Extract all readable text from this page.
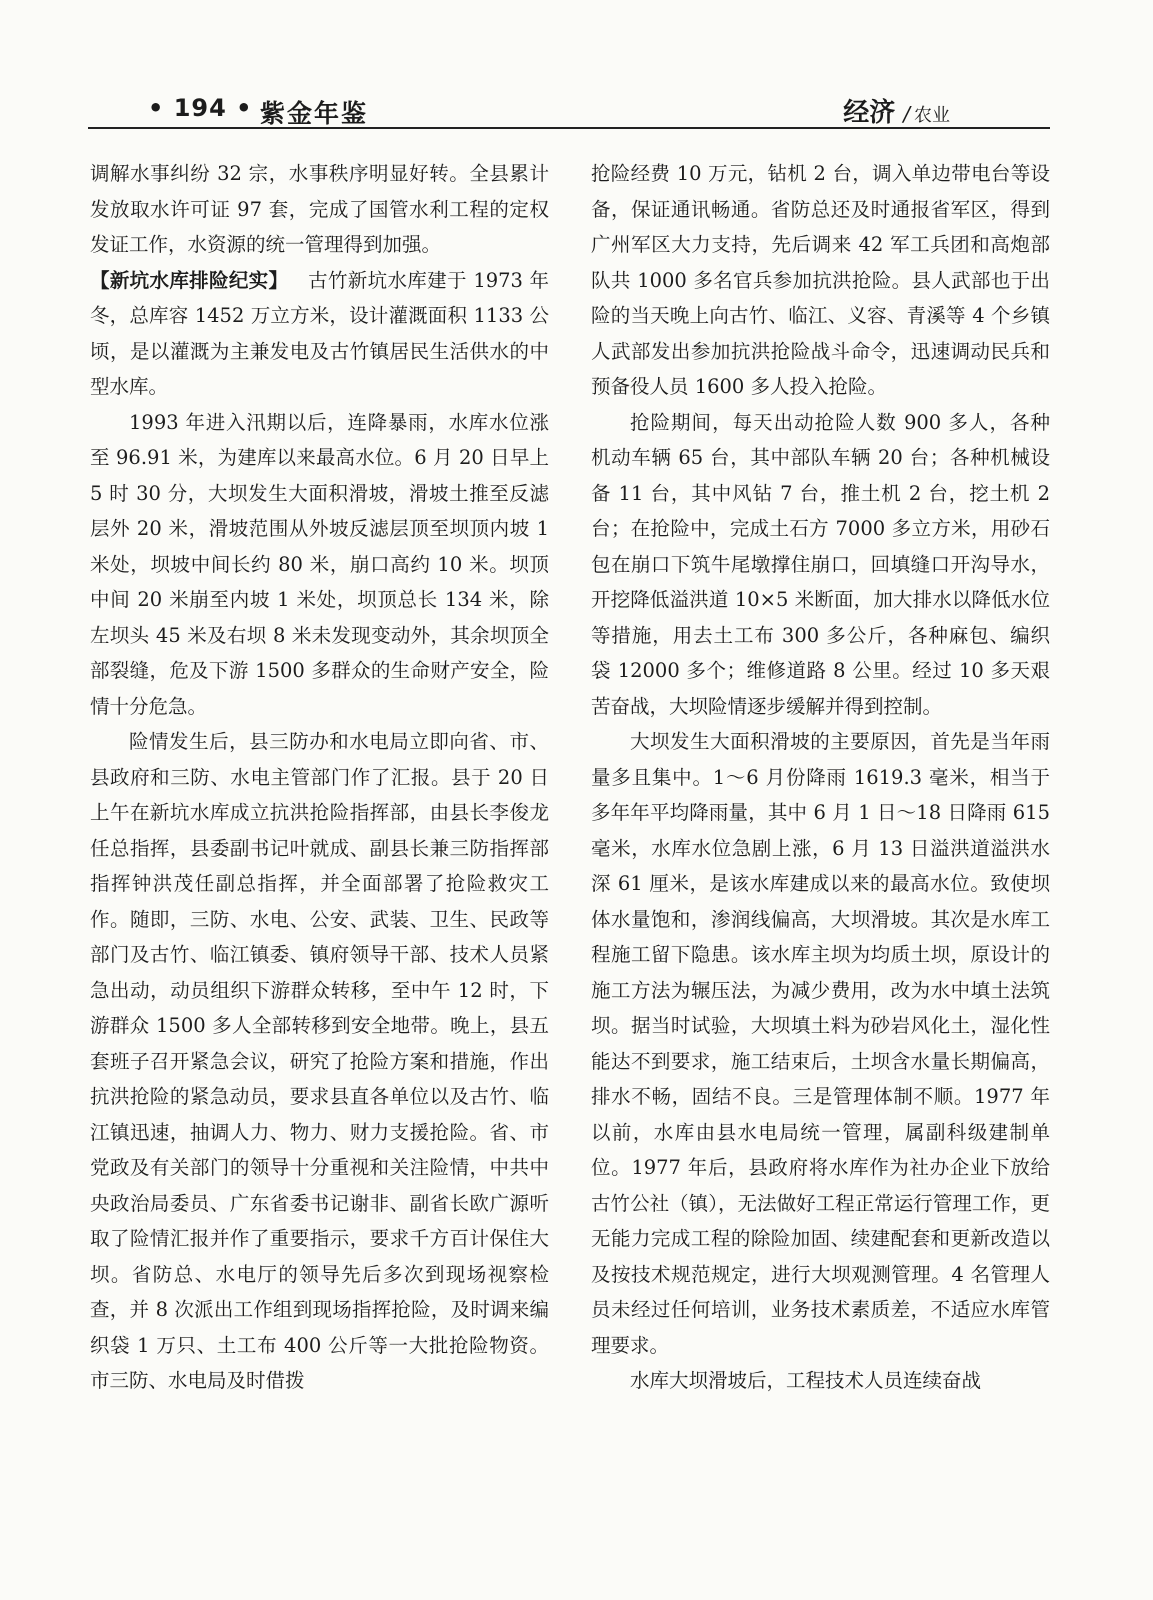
• 194 • 紫金年鉴	经济 / 农业

调解水事纠纷 32 宗，水事秩序明显好转。全县累计发放取水许可证 97 套，完成了国管水利工程的定权发证工作，水资源的统一管理得到加强。

【新坑水库排险纪实】  古竹新坑水库建于 1973 年冬，总库容 1452 万立方米，设计灌溉面积 1133 公顷，是以灌溉为主兼发电及古竹镇居民生活供水的中型水库。

1993 年进入汛期以后，连降暴雨，水库水位涨至 96.91 米，为建库以来最高水位。6 月 20 日早上 5 时 30 分，大坝发生大面积滑坡，滑坡土推至反滤层外 20 米，滑坡范围从外坡反滤层顶至坝顶内坡 1 米处，坝坡中间长约 80 米，崩口高约 10 米。坝顶中间 20 米崩至内坡 1 米处，坝顶总长 134 米，除左坝头 45 米及右坝 8 米未发现变动外，其余坝顶全部裂缝，危及下游 1500 多群众的生命财产安全，险情十分危急。

险情发生后，县三防办和水电局立即向省、市、县政府和三防、水电主管部门作了汇报。县于 20 日上午在新坑水库成立抗洪抢险指挥部，由县长李俊龙任总指挥，县委副书记叶就成、副县长兼三防指挥部指挥钟洪茂任副总指挥，并全面部署了抢险救灾工作。随即，三防、水电、公安、武装、卫生、民政等部门及古竹、临江镇委、镇府领导干部、技术人员紧急出动，动员组织下游群众转移，至中午 12 时，下游群众 1500 多人全部转移到安全地带。晚上，县五套班子召开紧急会议，研究了抢险方案和措施，作出抗洪抢险的紧急动员，要求县直各单位以及古竹、临江镇迅速，抽调人力、物力、财力支援抢险。省、市党政及有关部门的领导十分重视和关注险情，中共中央政治局委员、广东省委书记谢非、副省长欧广源听取了险情汇报并作了重要指示，要求千方百计保住大坝。省防总、水电厅的领导先后多次到现场视察检查，并 8 次派出工作组到现场指挥抢险，及时调来编织袋 1 万只、土工布 400 公斤等一大批抢险物资。市三防、水电局及时借拨

抢险经费 10 万元，钻机 2 台，调入单边带电台等设备，保证通讯畅通。省防总还及时通报省军区，得到广州军区大力支持，先后调来 42 军工兵团和高炮部队共 1000 多名官兵参加抗洪抢险。县人武部也于出险的当天晚上向古竹、临江、义容、青溪等 4 个乡镇人武部发出参加抗洪抢险战斗命令，迅速调动民兵和预备役人员 1600 多人投入抢险。

抢险期间，每天出动抢险人数 900 多人，各种机动车辆 65 台，其中部队车辆 20 台；各种机械设备 11 台，其中风钻 7 台，推土机 2 台，挖土机 2 台；在抢险中，完成土石方 7000 多立方米，用砂石包在崩口下筑牛尾墩撑住崩口，回填缝口开沟导水，开挖降低溢洪道 10×5 米断面，加大排水以降低水位等措施，用去土工布 300 多公斤，各种麻包、编织袋 12000 多个；维修道路 8 公里。经过 10 多天艰苦奋战，大坝险情逐步缓解并得到控制。

大坝发生大面积滑坡的主要原因，首先是当年雨量多且集中。1～6 月份降雨 1619.3 毫米，相当于多年年平均降雨量，其中 6 月 1 日～18 日降雨 615 毫米，水库水位急剧上涨，6 月 13 日溢洪道溢洪水深 61 厘米，是该水库建成以来的最高水位。致使坝体水量饱和，渗润线偏高，大坝滑坡。其次是水库工程施工留下隐患。该水库主坝为均质土坝，原设计的施工方法为辗压法，为减少费用，改为水中填土法筑坝。据当时试验，大坝填土料为砂岩风化土，湿化性能达不到要求，施工结束后，土坝含水量长期偏高，排水不畅，固结不良。三是管理体制不顺。1977 年以前，水库由县水电局统一管理，属副科级建制单位。1977 年后，县政府将水库作为社办企业下放给古竹公社（镇），无法做好工程正常运行管理工作，更无能力完成工程的除险加固、续建配套和更新改造以及按技术规范规定，进行大坝观测管理。4 名管理人员未经过任何培训，业务技术素质差，不适应水库管理要求。

水库大坝滑坡后，工程技术人员连续奋战
